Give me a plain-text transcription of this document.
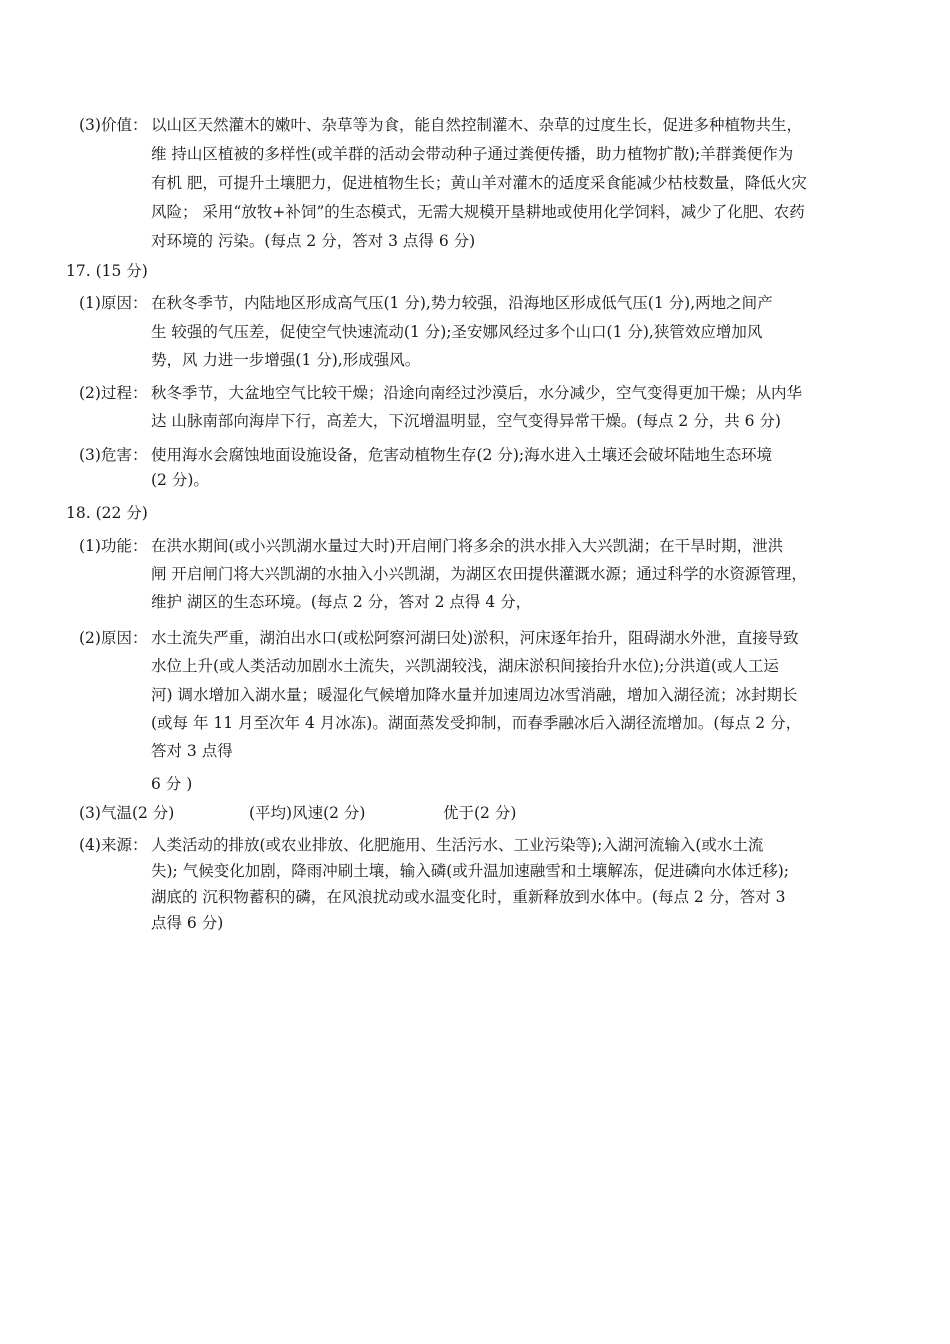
(3)价值： 以山区天然灌木的嫩叶、杂草等为食，能自然控制灌木、杂草的过度生长，促进多种植物共生，
维 持山区植被的多样性(或羊群的活动会带动种子通过粪便传播，助力植物扩散);羊群粪便作为
有机 肥，可提升土壤肥力，促进植物生长；黄山羊对灌木的适度采食能减少枯枝数量，降低火灾
风险； 采用“放牧+补饲”的生态模式，无需大规模开垦耕地或使用化学饲料，减少了化肥、农药
对环境的 污染。(每点 2 分，答对 3 点得 6 分)
17. (15 分)
(1)原因： 在秋冬季节，内陆地区形成高气压(1 分),势力较强，沿海地区形成低气压(1 分),两地之间产
生 较强的气压差，促使空气快速流动(1 分);圣安娜风经过多个山口(1 分),狭管效应增加风
势，风 力进一步增强(1 分),形成强风。
(2)过程： 秋冬季节，大盆地空气比较干燥；沿途向南经过沙漠后，水分减少，空气变得更加干燥；从内华
达 山脉南部向海岸下行，高差大，下沉增温明显，空气变得异常干燥。(每点 2 分，共 6 分)
(3)危害： 使用海水会腐蚀地面设施设备，危害动植物生存(2 分);海水进入土壤还会破坏陆地生态环境
(2 分)。
18. (22 分)
(1)功能： 在洪水期间(或小兴凯湖水量过大时)开启闸门将多余的洪水排入大兴凯湖；在干旱时期，泄洪
闸 开启闸门将大兴凯湖的水抽入小兴凯湖，为湖区农田提供灌溉水源；通过科学的水资源管理，
维护 湖区的生态环境。(每点 2 分，答对 2 点得 4 分，
(2)原因： 水土流失严重，湖泊出水口(或松阿察河湖曰处)淤积，河床逐年抬升，阻碍湖水外泄，直接导致
水位上升(或人类活动加剧水土流失，兴凯湖较浅，湖床淤积间接抬升水位);分洪道(或人工运
河) 调水增加入湖水量；暖湿化气候增加降水量并加速周边冰雪消融，增加入湖径流；冰封期长
(或每 年 11 月至次年 4 月冰冻)。湖面蒸发受抑制，而春季融冰后入湖径流增加。(每点 2 分，
答对 3 点得
6 分 )
(3)气温(2 分)	(平均)风速(2 分)	优于(2 分)
(4)来源： 人类活动的排放(或农业排放、化肥施用、生活污水、工业污染等);入湖河流输入(或水土流
失); 气候变化加剧，降雨冲刷土壤，输入磷(或升温加速融雪和土壤解冻，促进磷向水体迁移);
湖底的 沉积物蓄积的磷，在风浪扰动或水温变化时，重新释放到水体中。(每点 2 分，答对 3
点得 6 分)
